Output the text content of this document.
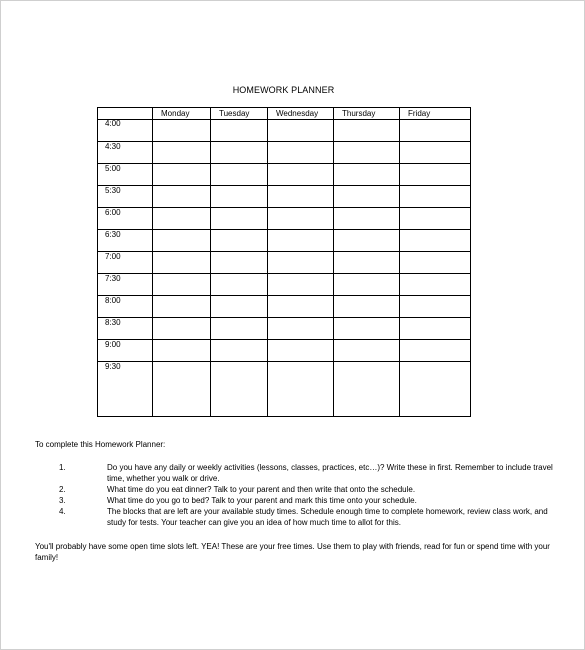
HOMEWORK PLANNER
	Monday	Tuesday	Wednesday	Thursday	Friday
4:00					
4:30					
5:00					
5:30					
6:00					
6:30					
7:00					
7:30					
8:00					
8:30					
9:00					
9:30					

To complete this Homework Planner:

1.	Do you have any daily or weekly activities (lessons, classes, practices, etc…)? Write these in first. Remember to include travel time, whether you walk or drive.
2.	What time do you eat dinner? Talk to your parent and then write that onto the schedule.
3.	What time do you go to bed? Talk to your parent and mark this time onto your schedule.
4.	The blocks that are left are your available study times. Schedule enough time to complete homework, review class work, and study for tests. Your teacher can give you an idea of how much time to allot for this.

You'll probably have some open time slots left. YEA! These are your free times. Use them to play with friends, read for fun or spend time with your family!
